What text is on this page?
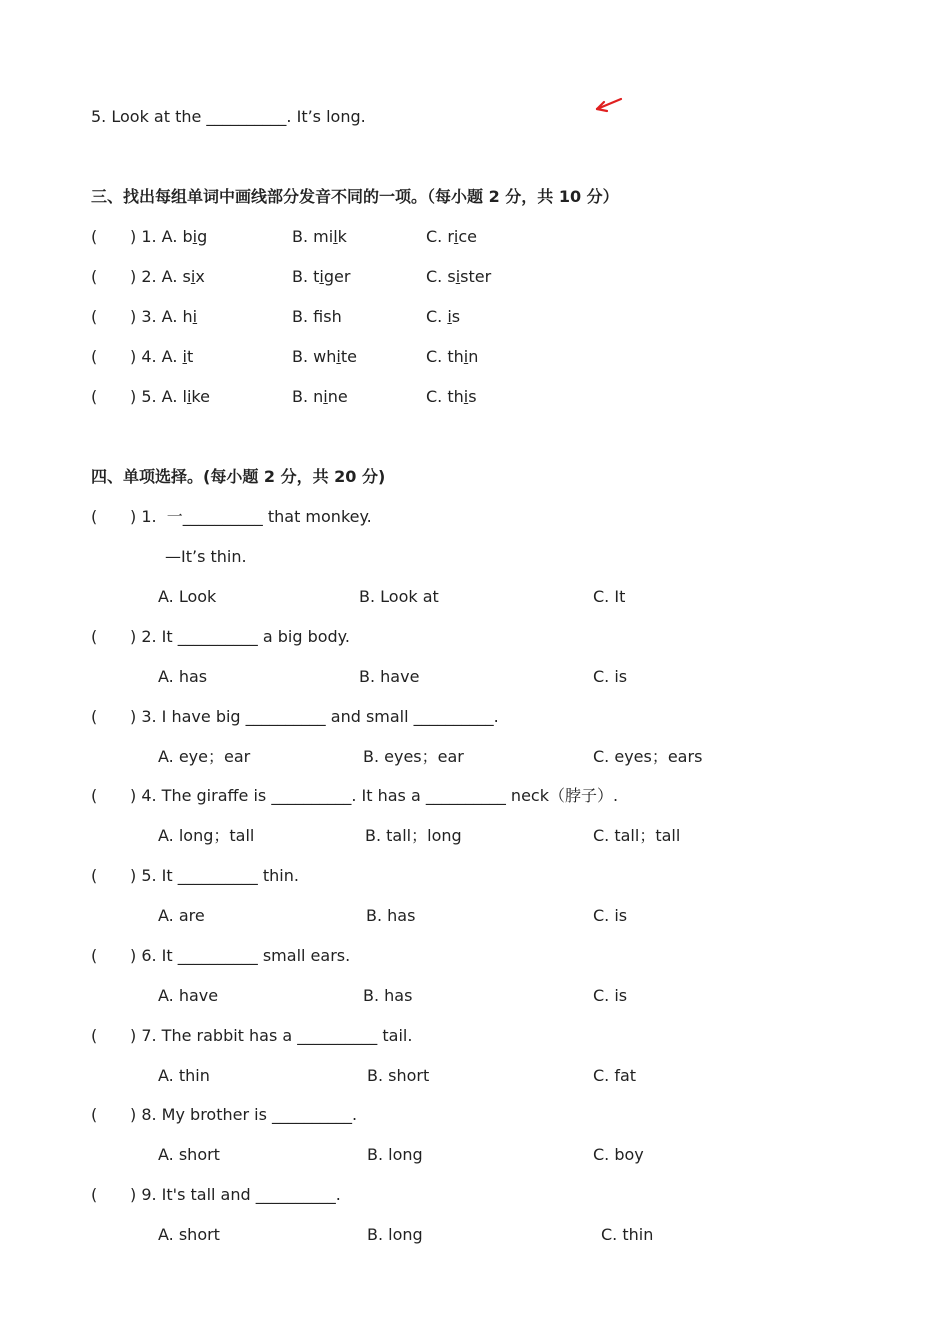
5. Look at the __________. It’s long.
三、找出每组单词中画线部分发音不同的一项。（每小题 2 分，共 10 分）
( ) 1. A. big	B. milk	C. rice
( ) 2. A. six	B. tiger	C. sister
( ) 3. A. hi	B. fsh	C. is
( ) 4. A. it	B. white	C. thin
( ) 5. A. like	B. nine	C. this
四、单项选择。(每小题 2 分，共 20 分)
( ) 1.  一__________ that monkey.
—It’s thin.
A. Look	B. Look at	C. It
( ) 2. It __________ a big body.
A. has	B. have	C. is
( ) 3. I have big __________ and small __________.
A. eye；ear	B. eyes；ear	C. eyes；ears
( ) 4. The giraffe is __________. It has a __________ neck（脖子）.
A. long；tall	B. tall；long	C. tall；tall
( ) 5. It __________ thin.
A. are	B. has	C. is
( ) 6. It __________ small ears.
A. have	B. has	C. is
( ) 7. The rabbit has a __________ tail.
A. thin	B. short	C. fat
( ) 8. My brother is __________.
A. short	B. long	C. boy
( ) 9. It's tall and __________.
A. short	B. long	C. thin
